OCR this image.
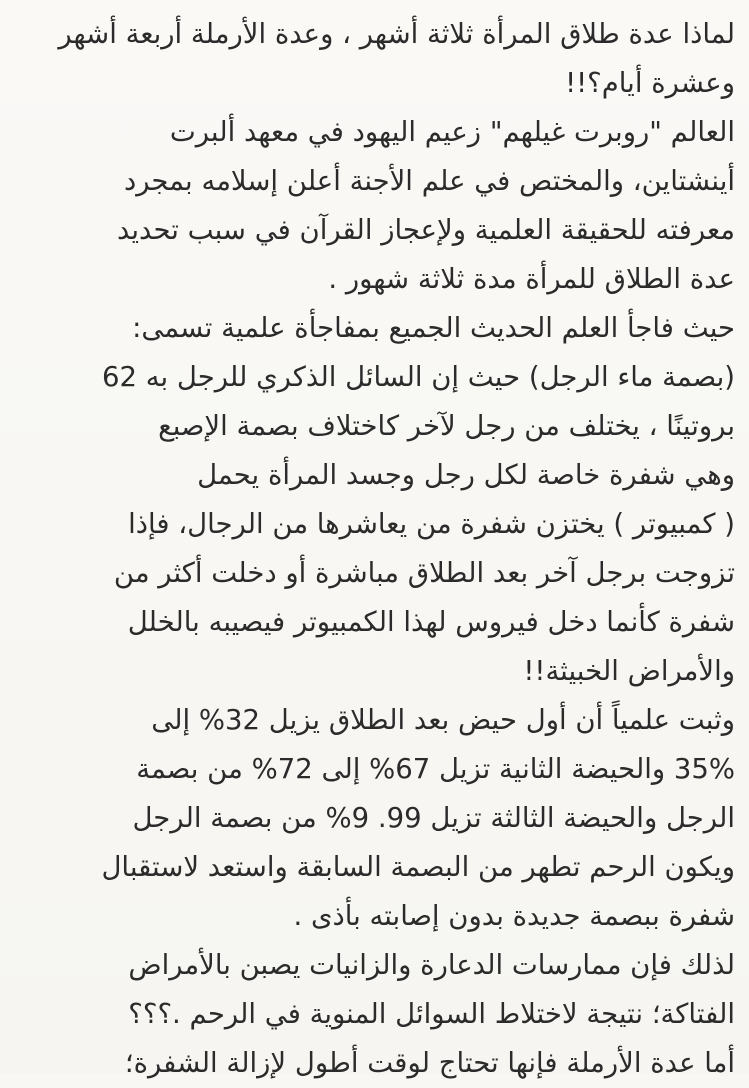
لماذا عدة طلاق المرأة ثلاثة أشهر ، وعدة الأرملة أربعة أشهر
وعشرة أيام؟!!
العالم "روبرت غيلهم" زعيم اليهود في معهد ألبرت
أينشتاين، والمختص في علم الأجنة أعلن إسلامه بمجرد
معرفته للحقيقة العلمية ولإعجاز القرآن في سبب تحديد
عدة الطلاق للمرأة مدة ثلاثة شهور .
حيث فاجأ العلم الحديث الجميع بمفاجأة علمية تسمى:
(بصمة ماء الرجل) حيث إن السائل الذكري للرجل به 62
بروتينًا ، يختلف من رجل لآخر كاختلاف بصمة الإصبع
وهي شفرة خاصة لكل رجل وجسد المرأة يحمل
( كمبيوتر ) يختزن شفرة من يعاشرها من الرجال، فإذا
تزوجت برجل آخر بعد الطلاق مباشرة أو دخلت أكثر من
شفرة كأنما دخل فيروس لهذا الكمبيوتر فيصيبه بالخلل
والأمراض الخبيثة!!
وثبت علمياً أن أول حيض بعد الطلاق يزيل 32% إلى
35% والحيضة الثانية تزيل 67% إلى 72% من بصمة
الرجل والحيضة الثالثة تزيل 99. 9% من بصمة الرجل
ويكون الرحم تطهر من البصمة السابقة واستعد لاستقبال
شفرة ببصمة جديدة بدون إصابته بأذى .
لذلك فإن ممارسات الدعارة والزانيات يصبن بالأمراض
الفتاكة؛ نتيجة لاختلاط السوائل المنوية في الرحم .؟؟؟
أما عدة الأرملة فإنها تحتاج لوقت أطول لإزالة الشفرة؛
